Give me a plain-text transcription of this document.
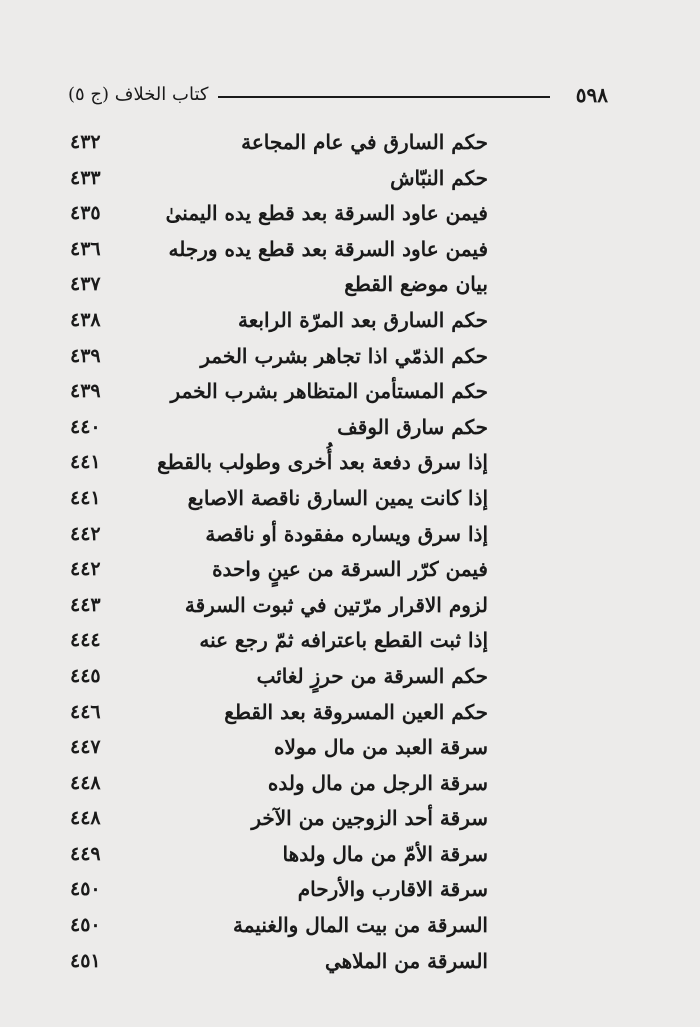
٥٩٨
كتاب الخلاف (ج ٥)
حكم السارق في عام المجاعة
٤٣٢
حكم النبّاش
٤٣٣
فيمن عاود السرقة بعد قطع يده اليمنىٰ
٤٣٥
فيمن عاود السرقة بعد قطع يده ورجله
٤٣٦
بيان موضع القطع
٤٣٧
حكم السارق بعد المرّة الرابعة
٤٣٨
حكم الذمّي اذا تجاهر بشرب الخمر
٤٣٩
حكم المستأمن المتظاهر بشرب الخمر
٤٣٩
حكم سارق الوقف
٤٤٠
إذا سرق دفعة بعد أُخرى وطولب بالقطع
٤٤١
إذا كانت يمين السارق ناقصة الاصابع
٤٤١
إذا سرق ويساره مفقودة أو ناقصة
٤٤٢
فيمن كرّر السرقة من عينٍ واحدة
٤٤٢
لزوم الاقرار مرّتين في ثبوت السرقة
٤٤٣
إذا ثبت القطع باعترافه ثمّ رجع عنه
٤٤٤
حكم السرقة من حرزٍ لغائب
٤٤٥
حكم العين المسروقة بعد القطع
٤٤٦
سرقة العبد من مال مولاه
٤٤٧
سرقة الرجل من مال ولده
٤٤٨
سرقة أحد الزوجين من الآخر
٤٤٨
سرقة الأمّ من مال ولدها
٤٤٩
سرقة الاقارب والأرحام
٤٥٠
السرقة من بيت المال والغنيمة
٤٥٠
السرقة من الملاهي
٤٥١
